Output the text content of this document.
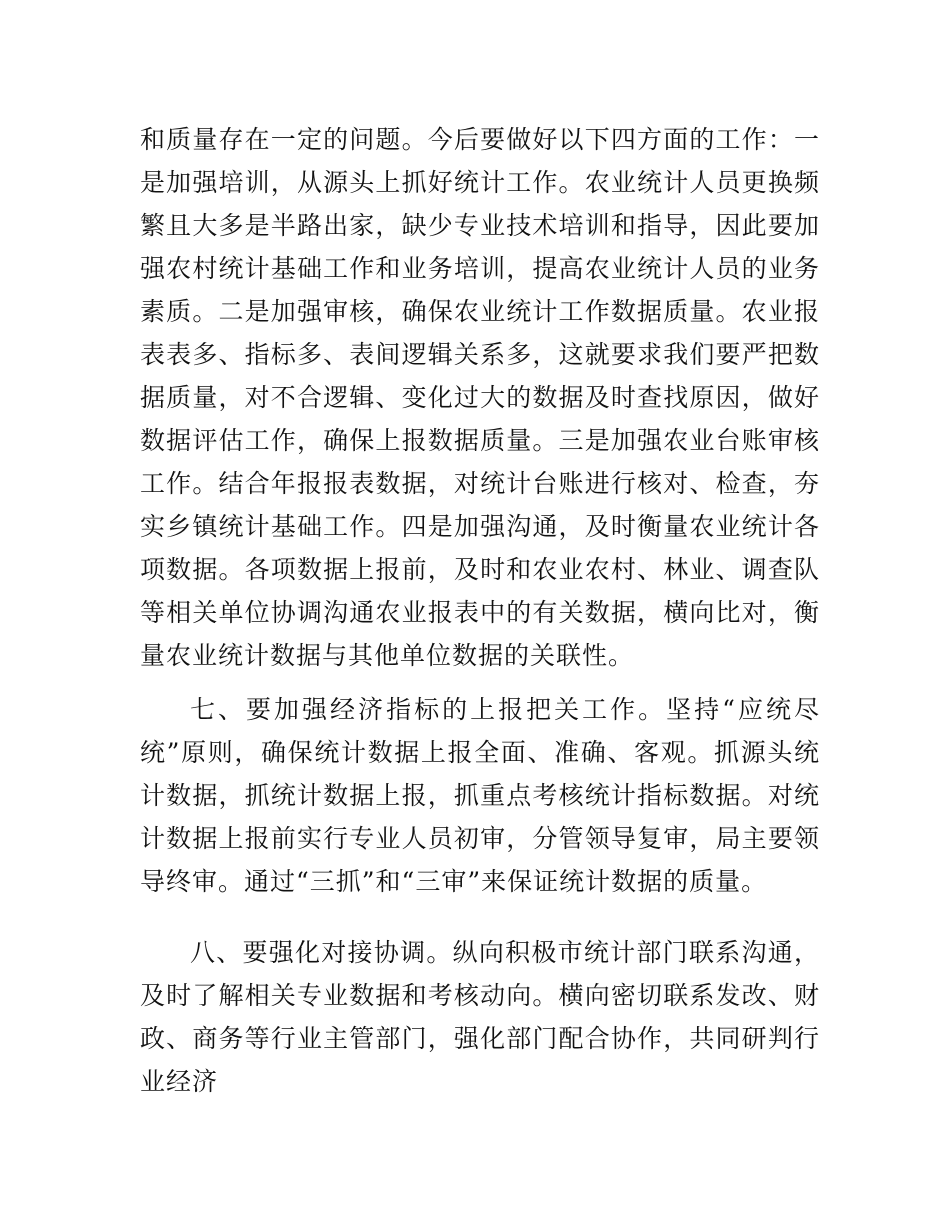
和质量存在一定的问题。今后要做好以下四方面的工作：一是加强培训，从源头上抓好统计工作。农业统计人员更换频繁且大多是半路出家，缺少专业技术培训和指导，因此要加强农村统计基础工作和业务培训，提高农业统计人员的业务素质。二是加强审核，确保农业统计工作数据质量。农业报表表多、指标多、表间逻辑关系多，这就要求我们要严把数据质量，对不合逻辑、变化过大的数据及时查找原因，做好数据评估工作，确保上报数据质量。三是加强农业台账审核工作。结合年报报表数据，对统计台账进行核对、检查，夯实乡镇统计基础工作。四是加强沟通，及时衡量农业统计各项数据。各项数据上报前，及时和农业农村、林业、调查队等相关单位协调沟通农业报表中的有关数据，横向比对，衡量农业统计数据与其他单位数据的关联性。

七、要加强经济指标的上报把关工作。坚持“应统尽统”原则，确保统计数据上报全面、准确、客观。抓源头统计数据，抓统计数据上报，抓重点考核统计指标数据。对统计数据上报前实行专业人员初审，分管领导复审，局主要领导终审。通过“三抓”和“三审”来保证统计数据的质量。

八、要强化对接协调。纵向积极市统计部门联系沟通，及时了解相关专业数据和考核动向。横向密切联系发改、财政、商务等行业主管部门，强化部门配合协作，共同研判行业经济
